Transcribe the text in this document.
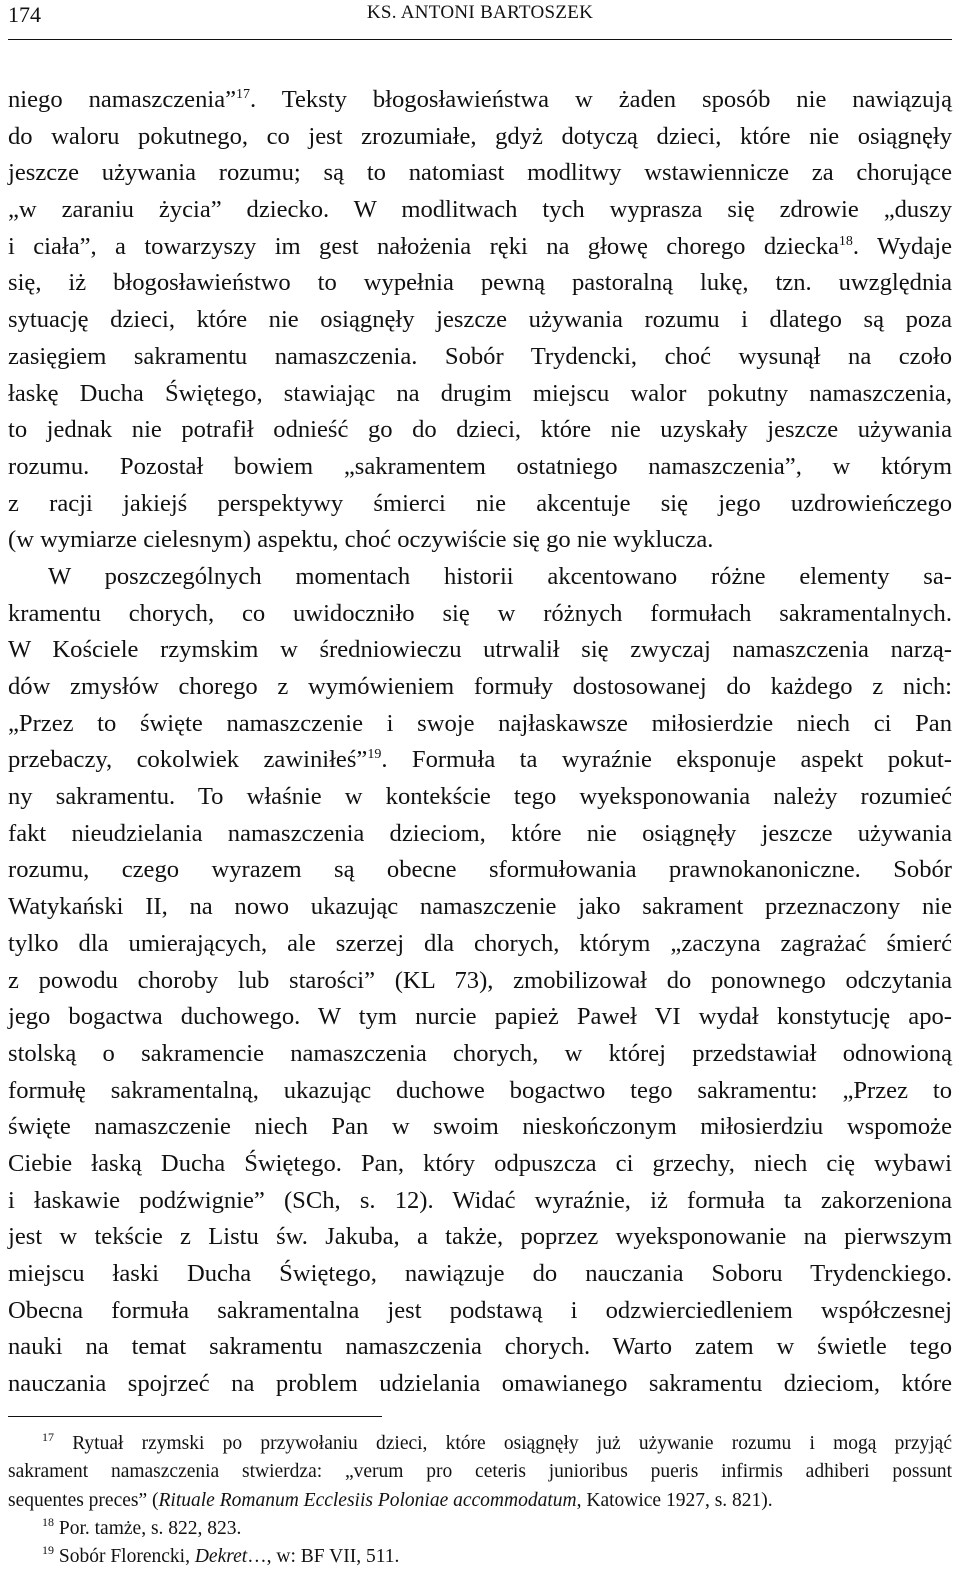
174	KS. ANTONI BARTOSZEK
niego namaszczenia”$^{17}$. Teksty błogosławieństwa w żaden sposób nie nawiązują
do waloru pokutnego, co jest zrozumiałe, gdyż dotyczą dzieci, które nie osiągnęły
jeszcze używania rozumu; są to natomiast modlitwy wstawiennicze za chorujące
„w zaraniu życia” dziecko. W modlitwach tych wyprasza się zdrowie „duszy
i ciała”, a towarzyszy im gest nałożenia ręki na głowę chorego dziecka$^{18}$. Wydaje
się, iż błogosławieństwo to wypełnia pewną pastoralną lukę, tzn. uwzględnia
sytuację dzieci, które nie osiągnęły jeszcze używania rozumu i dlatego są poza
zasięgiem sakramentu namaszczenia. Sobór Trydencki, choć wysunął na czoło
łaskę Ducha Świętego, stawiając na drugim miejscu walor pokutny namaszczenia,
to jednak nie potrafił odnieść go do dzieci, które nie uzyskały jeszcze używania
rozumu. Pozostał bowiem „sakramentem ostatniego namaszczenia”, w którym
z racji jakiejś perspektywy śmierci nie akcentuje się jego uzdrowieńczego
(w wymiarze cielesnym) aspektu, choć oczywiście się go nie wyklucza.
W poszczególnych momentach historii akcentowano różne elementy sa-
kramentu chorych, co uwidoczniło się w różnych formułach sakramentalnych.
W Kościele rzymskim w średniowieczu utrwalił się zwyczaj namaszczenia narzą-
dów zmysłów chorego z wymówieniem formuły dostosowanej do każdego z nich:
„Przez to święte namaszczenie i swoje najłaskawsze miłosierdzie niech ci Pan
przebaczy, cokolwiek zawiniłeś”$^{19}$. Formuła ta wyraźnie eksponuje aspekt pokut-
ny sakramentu. To właśnie w kontekście tego wyeksponowania należy rozumieć
fakt nieudzielania namaszczenia dzieciom, które nie osiągnęły jeszcze używania
rozumu, czego wyrazem są obecne sformułowania prawnokanoniczne. Sobór
Watykański II, na nowo ukazując namaszczenie jako sakrament przeznaczony nie
tylko dla umierających, ale szerzej dla chorych, którym „zaczyna zagrażać śmierć
z powodu choroby lub starości” (KL 73), zmobilizował do ponownego odczytania
jego bogactwa duchowego. W tym nurcie papież Paweł VI wydał konstytucję apo-
stolską o sakramencie namaszczenia chorych, w której przedstawiał odnowioną
formułę sakramentalną, ukazując duchowe bogactwo tego sakramentu: „Przez to
święte namaszczenie niech Pan w swoim nieskończonym miłosierdziu wspomoże
Ciebie łaską Ducha Świętego. Pan, który odpuszcza ci grzechy, niech cię wybawi
i łaskawie podźwignie” (SCh, s. 12). Widać wyraźnie, iż formuła ta zakorzeniona
jest w tekście z Listu św. Jakuba, a także, poprzez wyeksponowanie na pierwszym
miejscu łaski Ducha Świętego, nawiązuje do nauczania Soboru Trydenckiego.
Obecna formuła sakramentalna jest podstawą i odzwierciedleniem współczesnej
nauki na temat sakramentu namaszczenia chorych. Warto zatem w świetle tego
nauczania spojrzeć na problem udzielania omawianego sakramentu dzieciom, które
$^{17}$ Rytuał rzymski po przywołaniu dzieci, które osiągnęły już używanie rozumu i mogą przyjąć
sakrament namaszczenia stwierdza: „verum pro ceteris junioribus pueris infirmis adhiberi possunt
sequentes preces” (Rituale Romanum Ecclesiis Poloniae accommodatum, Katowice 1927, s. 821).
$^{18}$ Por. tamże, s. 822, 823.
$^{19}$ Sobór Florencki, Dekret…, w: BF VII, 511.
